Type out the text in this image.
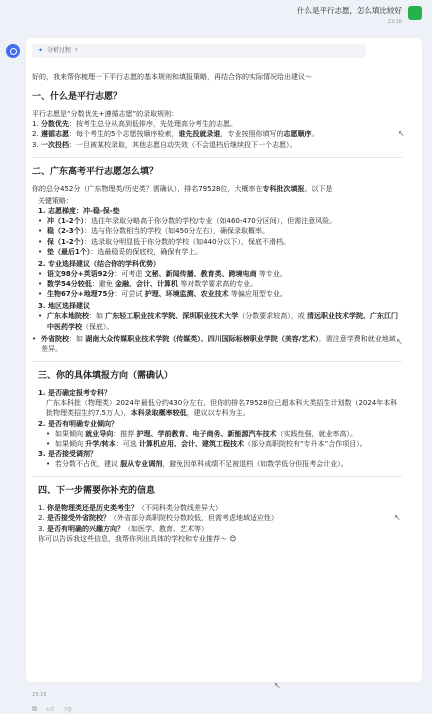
什么是平行志愿，怎么填比较好
23:16
✦ 分析过程 ▾

好的，我来帮你梳理一下平行志愿的基本规则和填报策略，再结合你的实际情况给出建议～

一、什么是平行志愿？

平行志愿是“分数优先+遵循志愿”的录取规则：

1. 分数优先：按考生总分从高到低排序，先处理高分考生的志愿。
2. 遵循志愿：每个考生的5个志愿按顺序检索，谁先投就录谁，专业按照你填写的志愿顺序。
3. 一次投档：一旦被某校录取，其他志愿自动失效（不会退档后继续投下一个志愿）。
二、广东高考平行志愿怎么填？

你的总分452分（广东物理类/历史类？需确认），排名79528位，大概率在专科批次填报。以下是

关键策略：

1. 志愿梯度：冲-稳-保-垫
• 冲（1-2个）：选往年录取分略高于你分数的学校/专业（如460-470分区间），但需注意风险。
• 稳（2-3个）：选与你分数相当的学校（如450分左右），确保录取概率。
• 保（1-2个）：选录取分明显低于你分数的学校（如440分以下），保底不滑档。
• 垫（最后1个）：选最稳妥的保底校，确保有学上。
2. 专业选择建议（结合你的学科优势）
• 语文98分+英语92分：可考虑 文秘、新闻传播、教育类、跨境电商 等专业。
• 数学54分较低：避免 金融、会计、计算机 等对数学要求高的专业。
• 生物67分+地理75分：可尝试 护理、环境监测、农业技术 等偏应用型专业。
3. 地区选择建议
• 广东本地院校：如 广东轻工职业技术学院、深圳职业技术大学（分数要求较高），或 清远职业技术学院、广东江门中医药学校（保底）。
• 外省院校：如 湖南大众传媒职业技术学院（传媒类）、四川国际标榜职业学院（美容/艺术），需注意学费和就业地域差异。
三、你的具体填报方向（需确认）
1. 是否确定报考专科？

广东本科批（物理类）2024年最低分约430分左右，但你的排名79528位已超本科大类招生计划数（2024年本科批物理类招生约7.5万人），本科录取概率较低，建议以专科为主。

2. 是否有明确专业倾向？
• 如果倾向 就业导向：推荐 护理、学前教育、电子商务、新能源汽车技术（实践性强，就业率高）。
• 如果倾向 升学/转本：可选 计算机应用、会计、建筑工程技术（部分高职院校有“专升本”合作项目）。
3. 是否接受调剂？
• 若分数不占优，建议 服从专业调剂，避免因单科成绩不足被退档（如数学低分但报考会计业）。
四、下一步需要你补充的信息
1. 你是物理类还是历史类考生？（不同科类分数线差异大）
2. 是否接受外省院校？（外省部分高职院校分数较低，但需考虑地域适应性）
3. 是否有明确的兴趣方向？（如医学、教育、艺术等）

你可以告诉我这些信息，我帮你列出具体的学校和专业推荐～ 😊

23:16
⧉ 👍︎ 👎︎
↖
↖
↖
↖
